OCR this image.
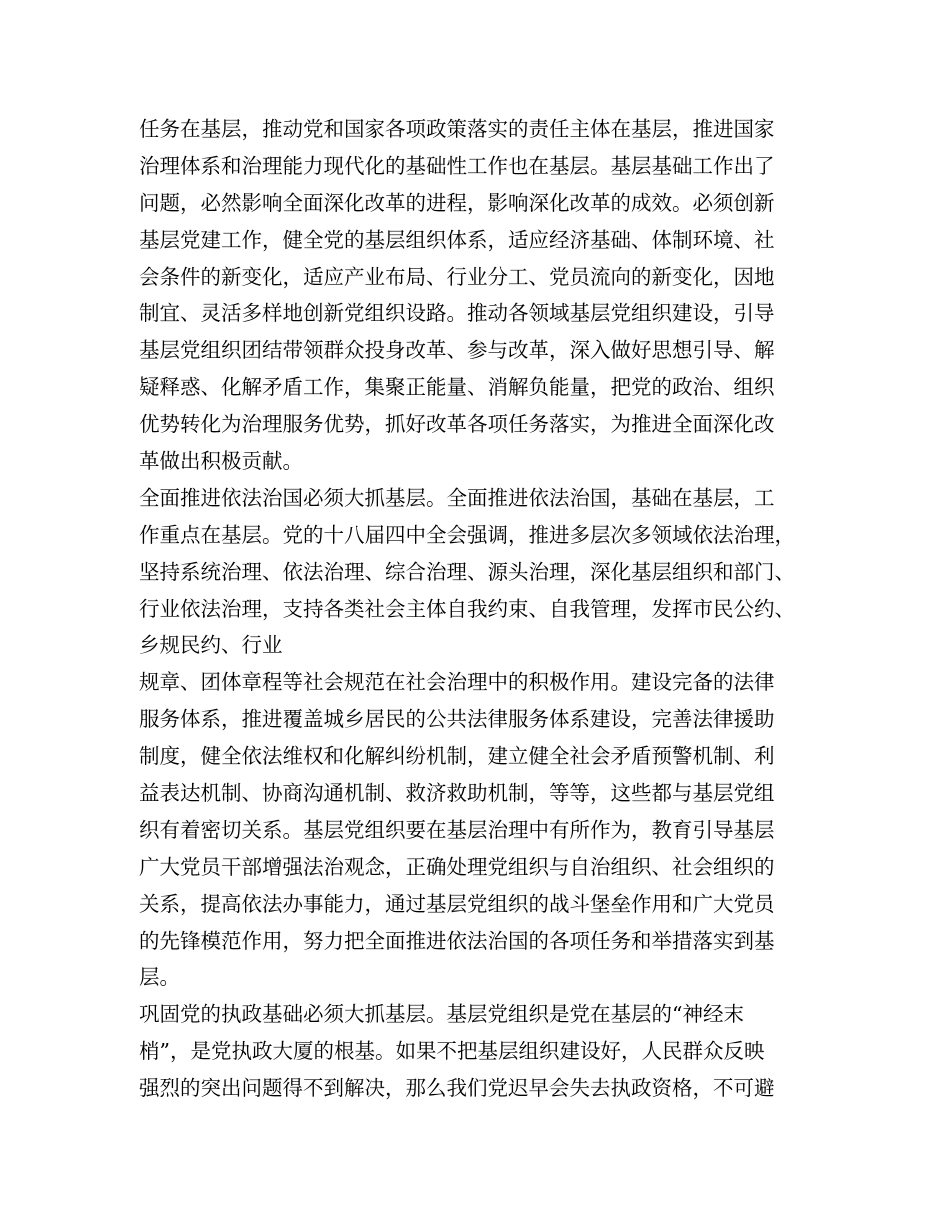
任务在基层，推动党和国家各项政策落实的责任主体在基层，推进国家
治理体系和治理能力现代化的基础性工作也在基层。基层基础工作出了
问题，必然影响全面深化改革的进程，影响深化改革的成效。必须创新
基层党建工作，健全党的基层组织体系，适应经济基础、体制环境、社
会条件的新变化，适应产业布局、行业分工、党员流向的新变化，因地
制宜、灵活多样地创新党组织设路。推动各领域基层党组织建设，引导
基层党组织团结带领群众投身改革、参与改革，深入做好思想引导、解
疑释惑、化解矛盾工作，集聚正能量、消解负能量，把党的政治、组织
优势转化为治理服务优势，抓好改革各项任务落实，为推进全面深化改
革做出积极贡献。
全面推进依法治国必须大抓基层。全面推进依法治国，基础在基层，工
作重点在基层。党的十八届四中全会强调，推进多层次多领域依法治理，
坚持系统治理、依法治理、综合治理、源头治理，深化基层组织和部门、
行业依法治理，支持各类社会主体自我约束、自我管理，发挥市民公约、
乡规民约、行业
规章、团体章程等社会规范在社会治理中的积极作用。建设完备的法律
服务体系，推进覆盖城乡居民的公共法律服务体系建设，完善法律援助
制度，健全依法维权和化解纠纷机制，建立健全社会矛盾预警机制、利
益表达机制、协商沟通机制、救济救助机制，等等，这些都与基层党组
织有着密切关系。基层党组织要在基层治理中有所作为，教育引导基层
广大党员干部增强法治观念，正确处理党组织与自治组织、社会组织的
关系，提高依法办事能力，通过基层党组织的战斗堡垒作用和广大党员
的先锋模范作用，努力把全面推进依法治国的各项任务和举措落实到基
层。
巩固党的执政基础必须大抓基层。基层党组织是党在基层的“神经末
梢”，是党执政大厦的根基。如果不把基层组织建设好，人民群众反映
强烈的突出问题得不到解决，那么我们党迟早会失去执政资格，不可避
